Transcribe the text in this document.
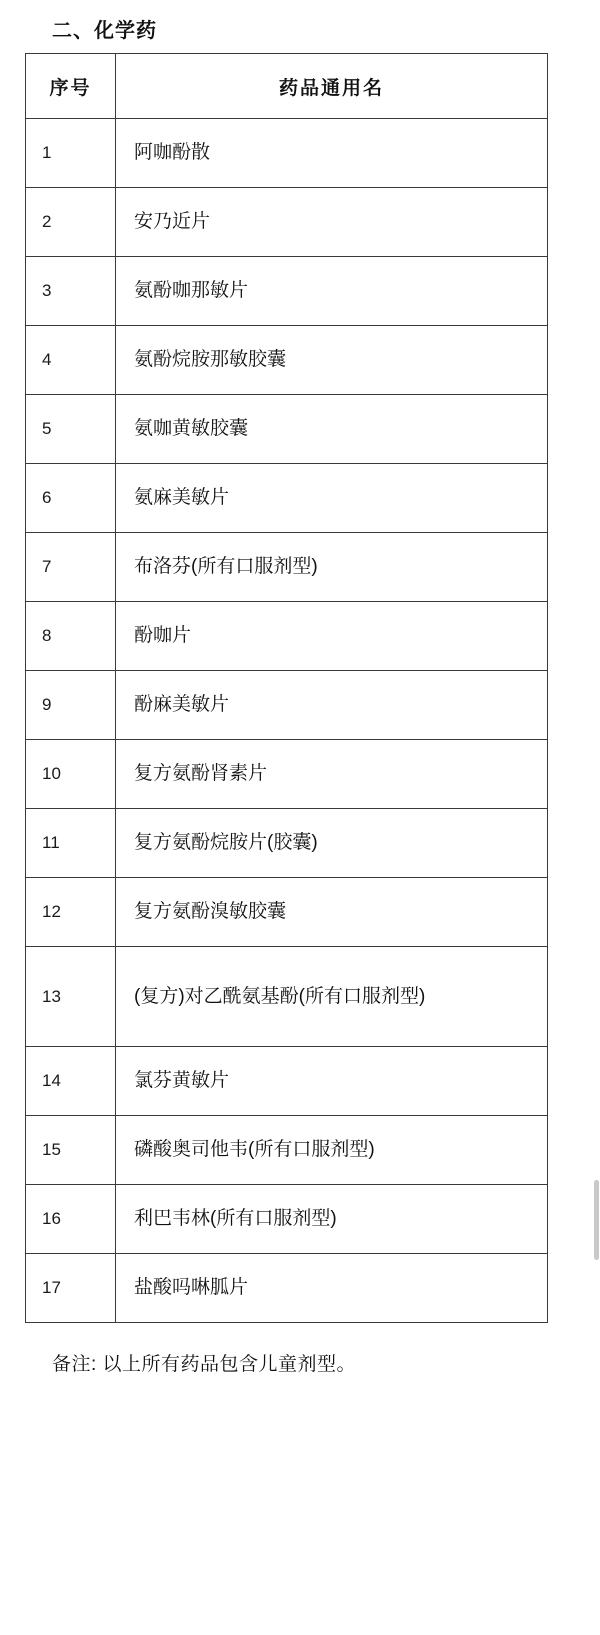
二、化学药
序号	药品通用名
1	阿咖酚散
2	安乃近片
3	氨酚咖那敏片
4	氨酚烷胺那敏胶囊
5	氨咖黄敏胶囊
6	氨麻美敏片
7	布洛芬(所有口服剂型)
8	酚咖片
9	酚麻美敏片
10	复方氨酚肾素片
11	复方氨酚烷胺片(胶囊)
12	复方氨酚溴敏胶囊
13	(复方)对乙酰氨基酚(所有口服剂型)
14	氯芬黄敏片
15	磷酸奥司他韦(所有口服剂型)
16	利巴韦林(所有口服剂型)
17	盐酸吗啉胍片
备注: 以上所有药品包含儿童剂型。
